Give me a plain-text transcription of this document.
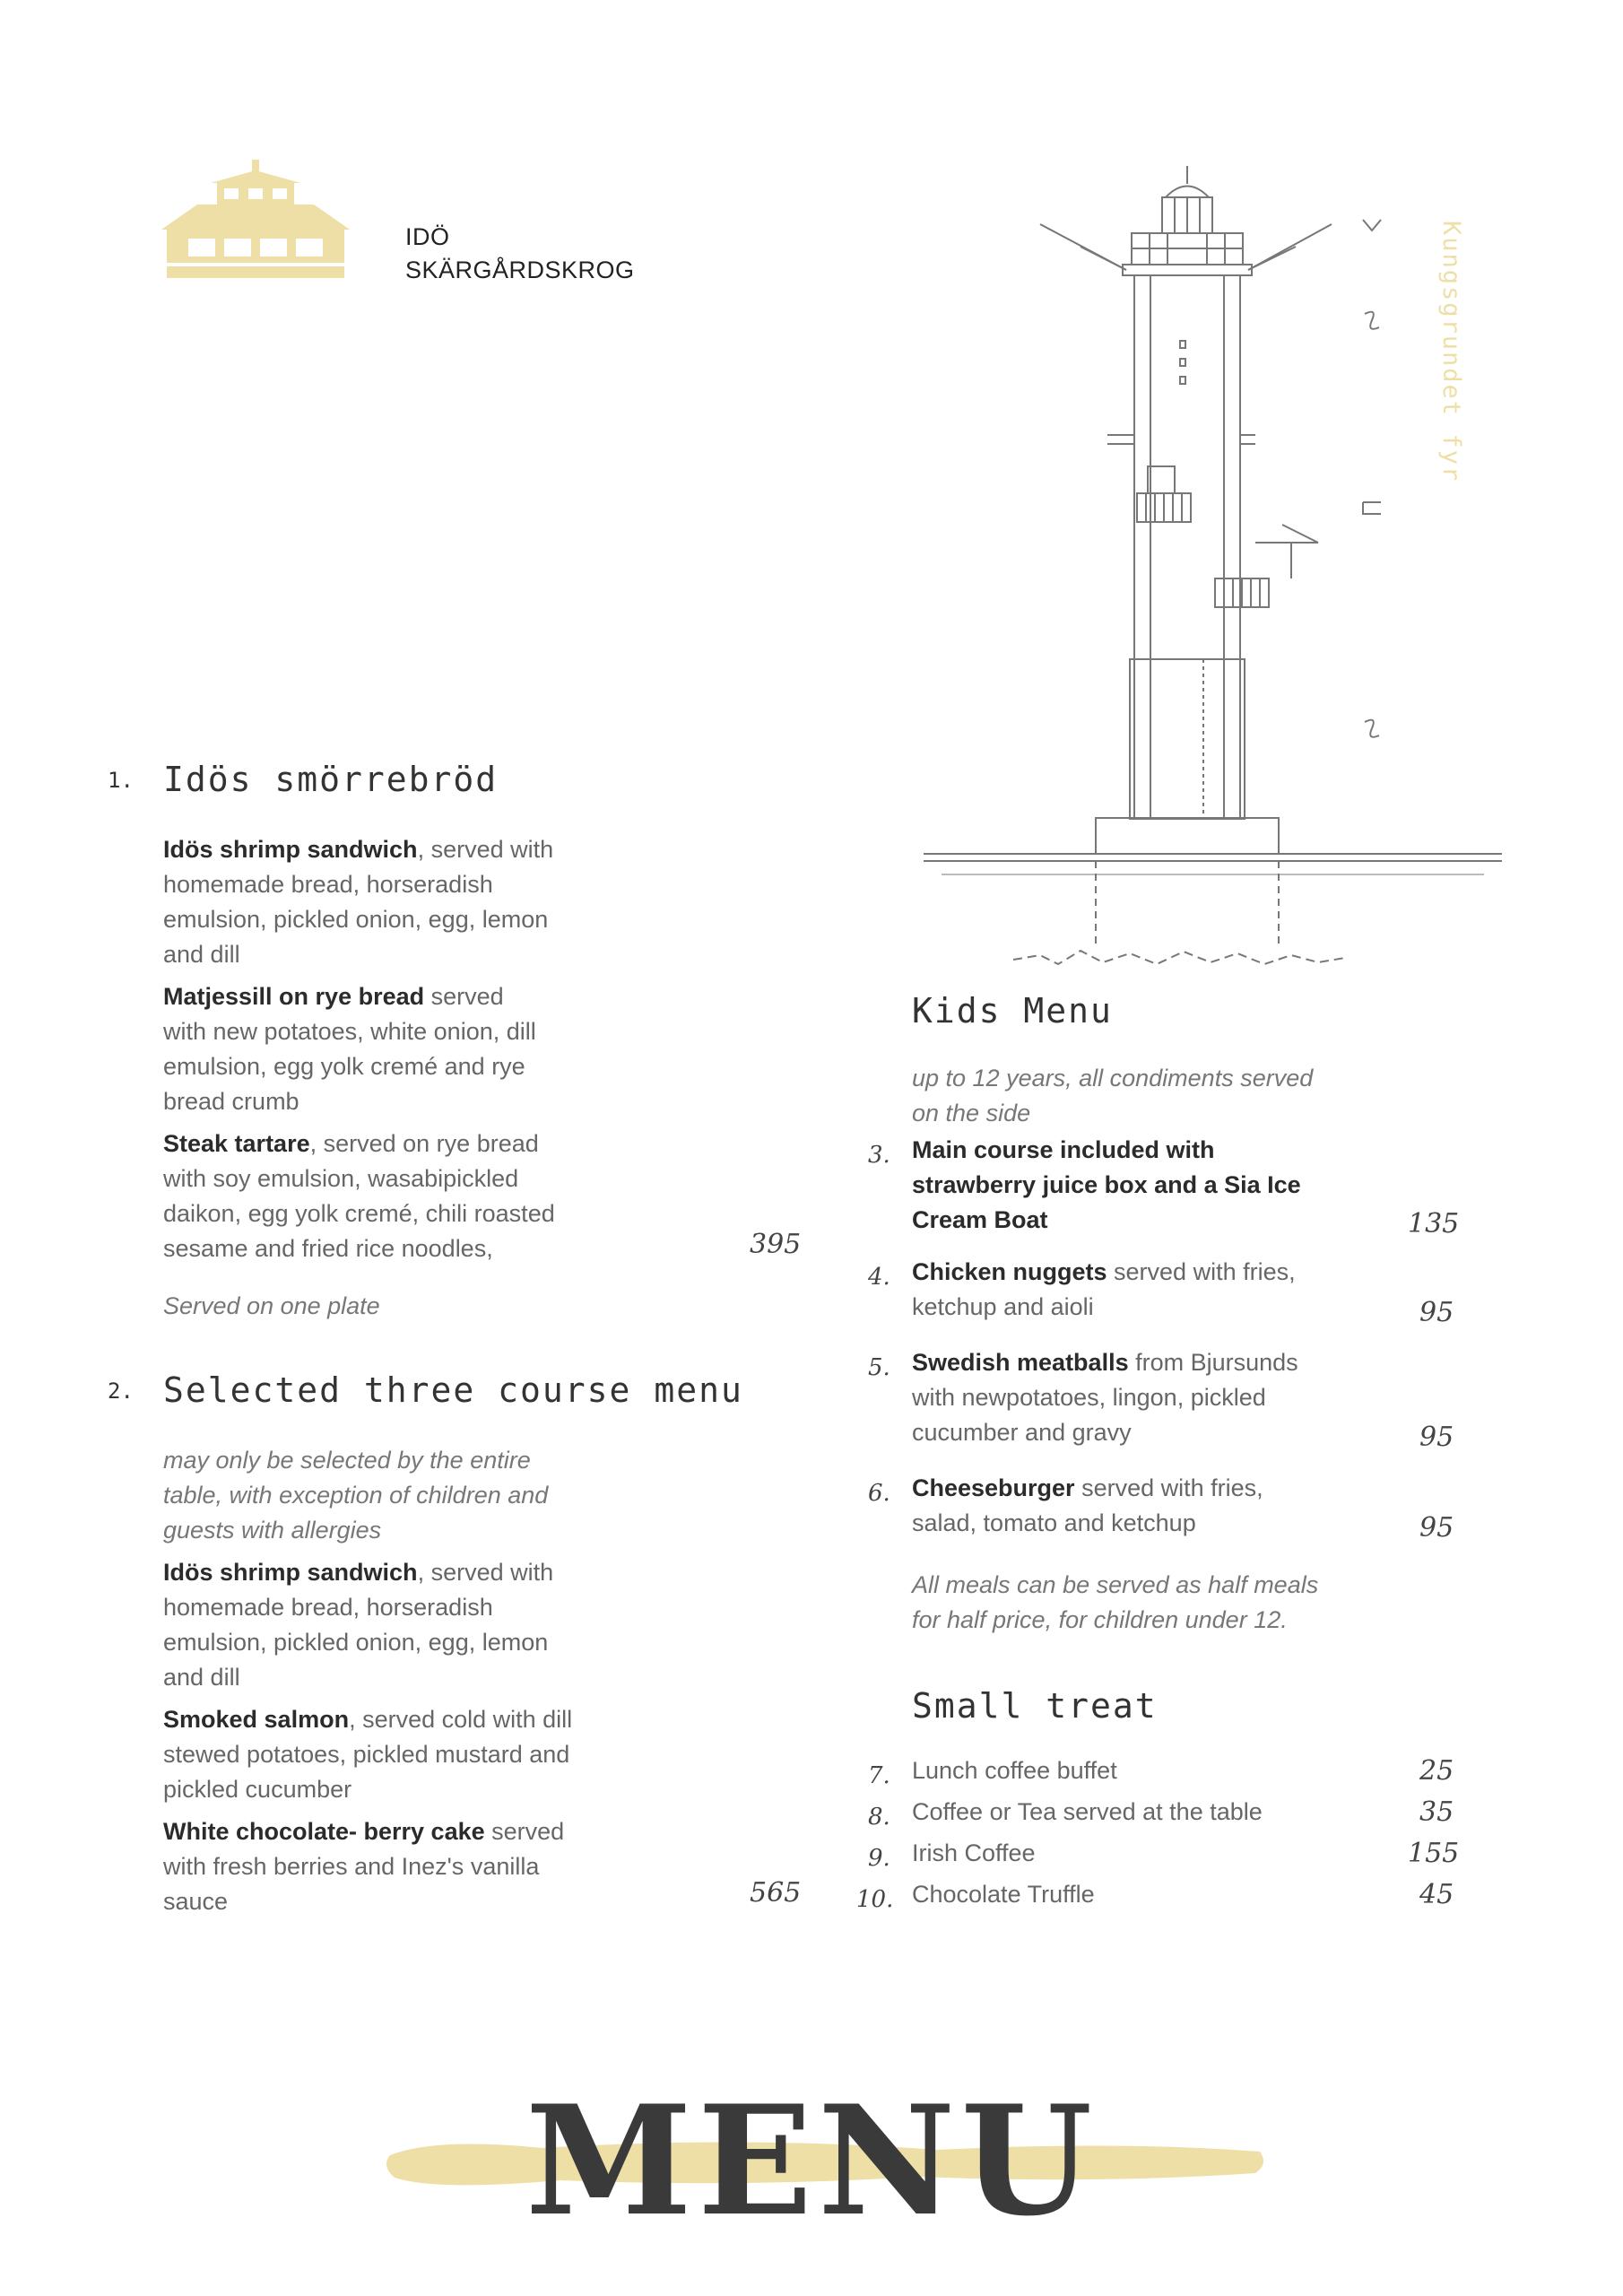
IDÖ
SKÄRGÅRDSKROG	Kungsgrundet fyr
1. Idös smörrebröd
Idös shrimp sandwich, served with
homemade bread, horseradish
emulsion, pickled onion, egg, lemon
and dill
Matjessill on rye bread served
with new potatoes, white onion, dill
emulsion, egg yolk cremé and rye
bread crumb
Steak tartare, served on rye bread
with soy emulsion, wasabipickled
daikon, egg yolk cremé, chili roasted
sesame and fried rice noodles,	395
Served on one plate
2. Selected three course menu
may only be selected by the entire
table, with exception of children and
guests with allergies
Idös shrimp sandwich, served with
homemade bread, horseradish
emulsion, pickled onion, egg, lemon
and dill
Smoked salmon, served cold with dill
stewed potatoes, pickled mustard and
pickled cucumber
White chocolate- berry cake served
with fresh berries and Inez's vanilla
sauce	565
Kids Menu
up to 12 years, all condiments served
on the side
3. Main course included with
strawberry juice box and a Sia Ice
Cream Boat	135
4. Chicken nuggets served with fries,
ketchup and aioli	95
5. Swedish meatballs from Bjursunds
with newpotatoes, lingon, pickled
cucumber and gravy	95
6. Cheeseburger served with fries,
salad, tomato and ketchup	95
All meals can be served as half meals
for half price, for children under 12.
Small treat
7. Lunch coffee buffet	25
8. Coffee or Tea served at the table	35
9. Irish Coffee	155
10. Chocolate Truffle	45
MENU
